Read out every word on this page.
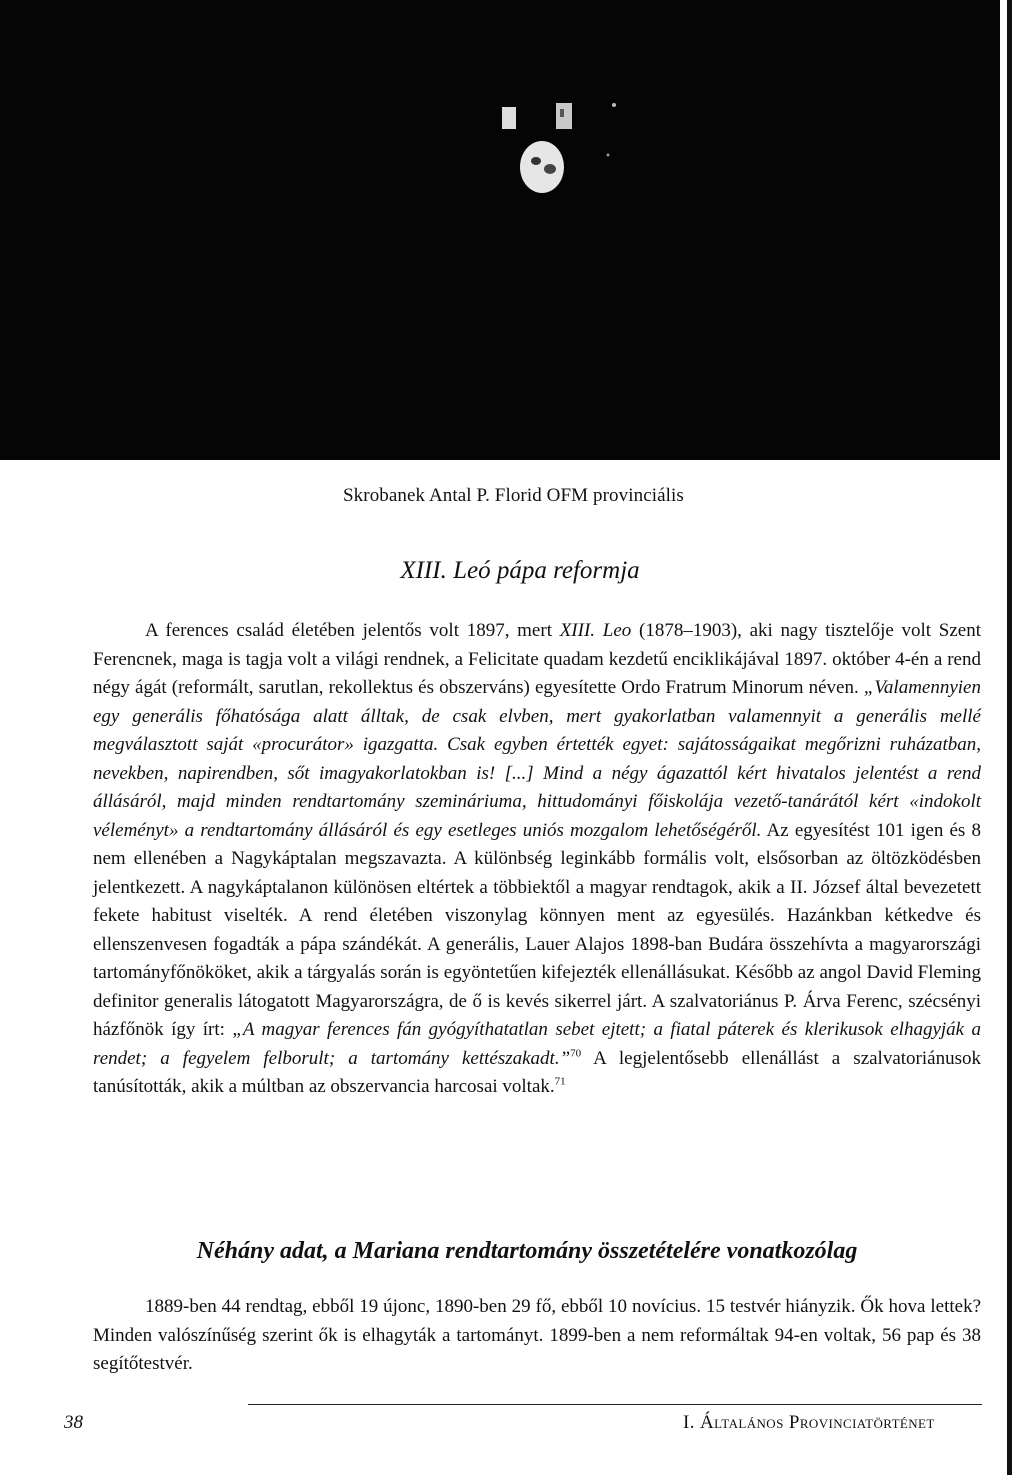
Skrobanek Antal P. Florid OFM provinciális
XIII. Leó pápa reformja

A ferences család életében jelentős volt 1897, mert XIII. Leo (1878–1903), aki nagy tisztelője volt Szent Ferencnek, maga is tagja volt a világi rendnek, a Felicitate quadam kezdetű enciklikájával 1897. október 4-én a rend négy ágát (reformált, sarutlan, rekollektus és obszerváns) egyesítette Ordo Fratrum Minorum néven. „Valamennyien egy generális főhatósága alatt álltak, de csak elvben, mert gyakorlatban valamennyit a generális mellé megválasztott saját «procurátor» igazgatta. Csak egyben értették egyet: sajátosságaikat megőrizni ruházatban, nevekben, napirendben, sőt imagyakorlatokban is! [...] Mind a négy ágazattól kért hivatalos jelentést a rend állásáról, majd minden rendtartomány szemináriuma, hittudományi főiskolája vezető-tanárától kért «indokolt véleményt» a rendtartomány állásáról és egy esetleges uniós mozgalom lehetőségéről. Az egyesítést 101 igen és 8 nem ellenében a Nagykáptalan megszavazta. A különbség leginkább formális volt, elsősorban az öltözködésben jelentkezett. A nagykáptalanon különösen eltértek a többiektől a magyar rendtagok, akik a II. József által bevezetett fekete habitust viselték. A rend életében viszonylag könnyen ment az egyesülés. Hazánkban kétkedve és ellenszenvesen fogadták a pápa szándékát. A generális, Lauer Alajos 1898-ban Budára összehívta a magyarországi tartományfőnököket, akik a tárgyalás során is egyöntetűen kifejezték ellenállásukat. Később az angol David Fleming definitor generalis látogatott Magyarországra, de ő is kevés sikerrel járt. A szalvatoriánus P. Árva Ferenc, szécsényi házfőnök így írt: „A magyar ferences fán gyógyíthatatlan sebet ejtett; a fiatal páterek és klerikusok elhagyják a rendet; a fegyelem felborult; a tartomány kettészakadt.”$^{70}$ A legjelentősebb ellenállást a szalvatoriánusok tanúsították, akik a múltban az obszervancia harcosai voltak.$^{71}$

Néhány adat, a Mariana rendtartomány összetételére vonatkozólag

1889-ben 44 rendtag, ebből 19 újonc, 1890-ben 29 fő, ebből 10 novícius. 15 testvér hiányzik. Ők hova lettek? Minden valószínűség szerint ők is elhagyták a tartományt. 1899-ben a nem reformáltak 94-en voltak, 56 pap és 38 segítőtestvér.

38	I. Általános Provinciatörténet
